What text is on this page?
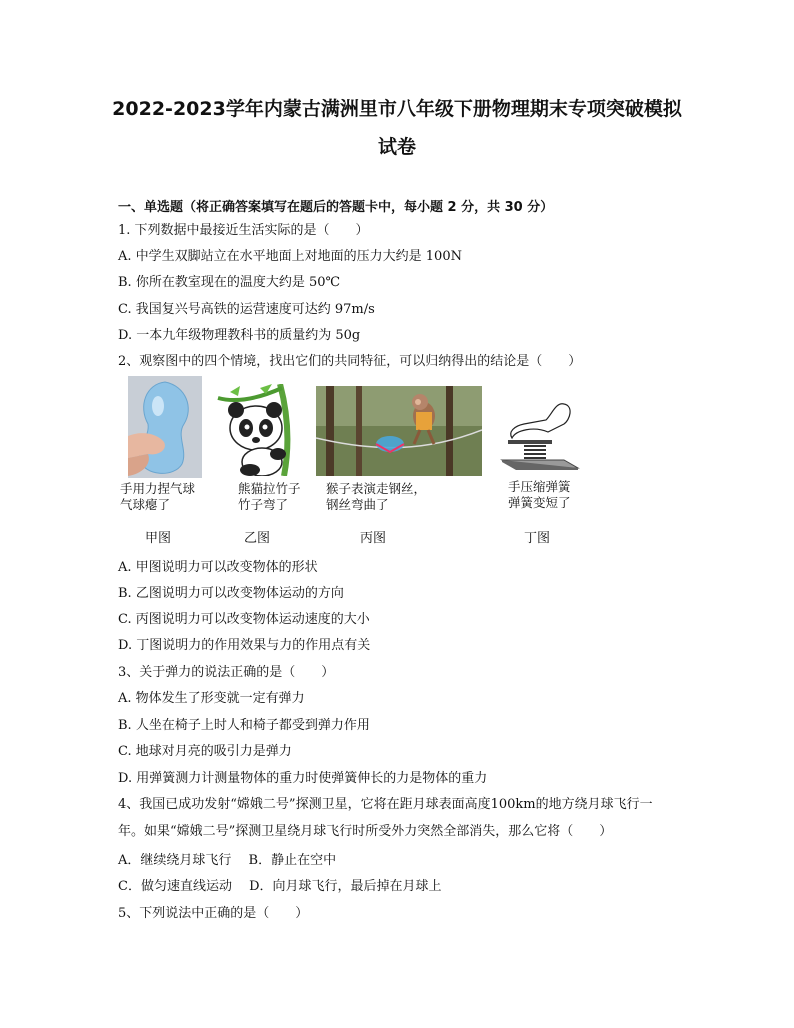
2022-2023学年内蒙古满洲里市八年级下册物理期末专项突破模拟
试卷
一、单选题（将正确答案填写在题后的答题卡中，每小题 2 分，共 30 分）
1. 下列数据中最接近生活实际的是（　　）
A. 中学生双脚站立在水平地面上对地面的压力大约是 100N
B. 你所在教室现在的温度大约是 50℃
C. 我国复兴号高铁的运营速度可达约 97m/s
D. 一本九年级物理教科书的质量约为 50g
2、观察图中的四个情境，找出它们的共同特征，可以归纳得出的结论是（　　）
手用力捏气球
气球瘪了
熊猫拉竹子
竹子弯了
猴子表演走钢丝，
钢丝弯曲了
手压缩弹簧
弹簧变短了
甲图	乙图	丙图	丁图
A. 甲图说明力可以改变物体的形状
B. 乙图说明力可以改变物体运动的方向
C. 丙图说明力可以改变物体运动速度的大小
D. 丁图说明力的作用效果与力的作用点有关
3、关于弹力的说法正确的是（　　）
A. 物体发生了形变就一定有弹力
B. 人坐在椅子上时人和椅子都受到弹力作用
C. 地球对月亮的吸引力是弹力
D. 用弹簧测力计测量物体的重力时使弹簧伸长的力是物体的重力
4、我国已成功发射“嫦娥二号”探测卫星，它将在距月球表面高度100km的地方绕月球飞行一
年。如果“嫦娥二号”探测卫星绕月球飞行时所受外力突然全部消失，那么它将（　　）
A．继续绕月球飞行　 B．静止在空中
C．做匀速直线运动　 D．向月球飞行，最后掉在月球上
5、下列说法中正确的是（　　）
